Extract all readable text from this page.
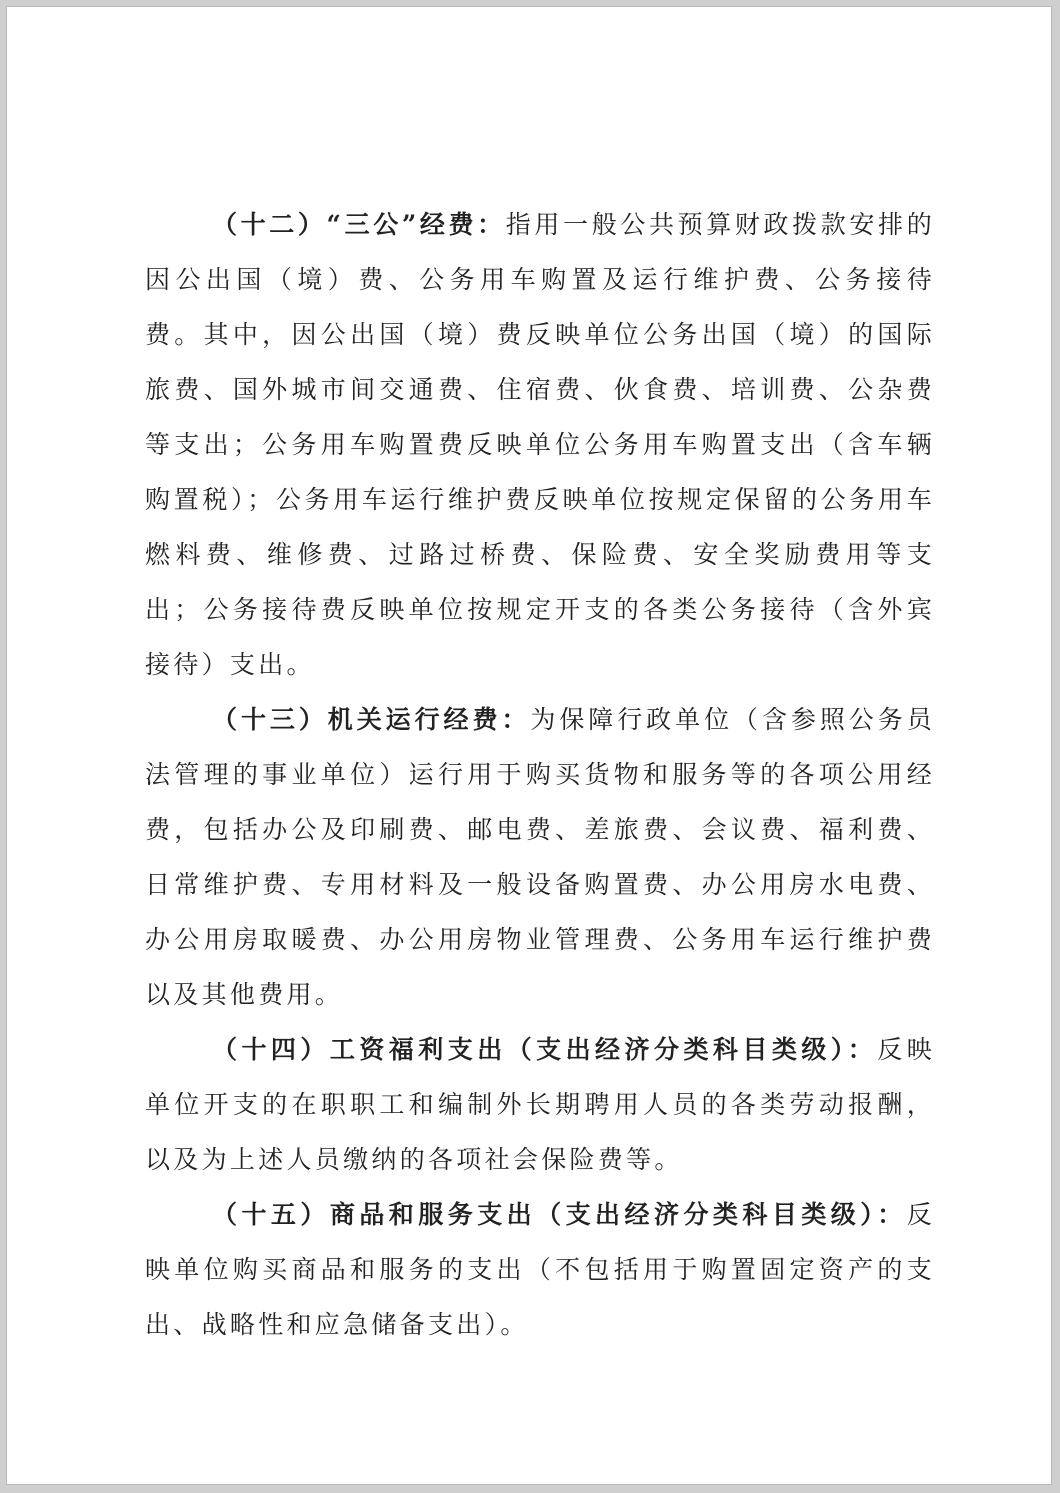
（十二）“三公”经费：指用一般公共预算财政拨款安排的因公出国（境）费、公务用车购置及运行维护费、公务接待费。其中，因公出国（境）费反映单位公务出国（境）的国际旅费、国外城市间交通费、住宿费、伙食费、培训费、公杂费等支出；公务用车购置费反映单位公务用车购置支出（含车辆购置税）；公务用车运行维护费反映单位按规定保留的公务用车燃料费、维修费、过路过桥费、保险费、安全奖励费用等支出；公务接待费反映单位按规定开支的各类公务接待（含外宾接待）支出。

（十三）机关运行经费：为保障行政单位（含参照公务员法管理的事业单位）运行用于购买货物和服务等的各项公用经费，包括办公及印刷费、邮电费、差旅费、会议费、福利费、日常维护费、专用材料及一般设备购置费、办公用房水电费、办公用房取暖费、办公用房物业管理费、公务用车运行维护费以及其他费用。

（十四）工资福利支出（支出经济分类科目类级）：反映单位开支的在职职工和编制外长期聘用人员的各类劳动报酬，以及为上述人员缴纳的各项社会保险费等。

（十五）商品和服务支出（支出经济分类科目类级）：反映单位购买商品和服务的支出（不包括用于购置固定资产的支出、战略性和应急储备支出）。
